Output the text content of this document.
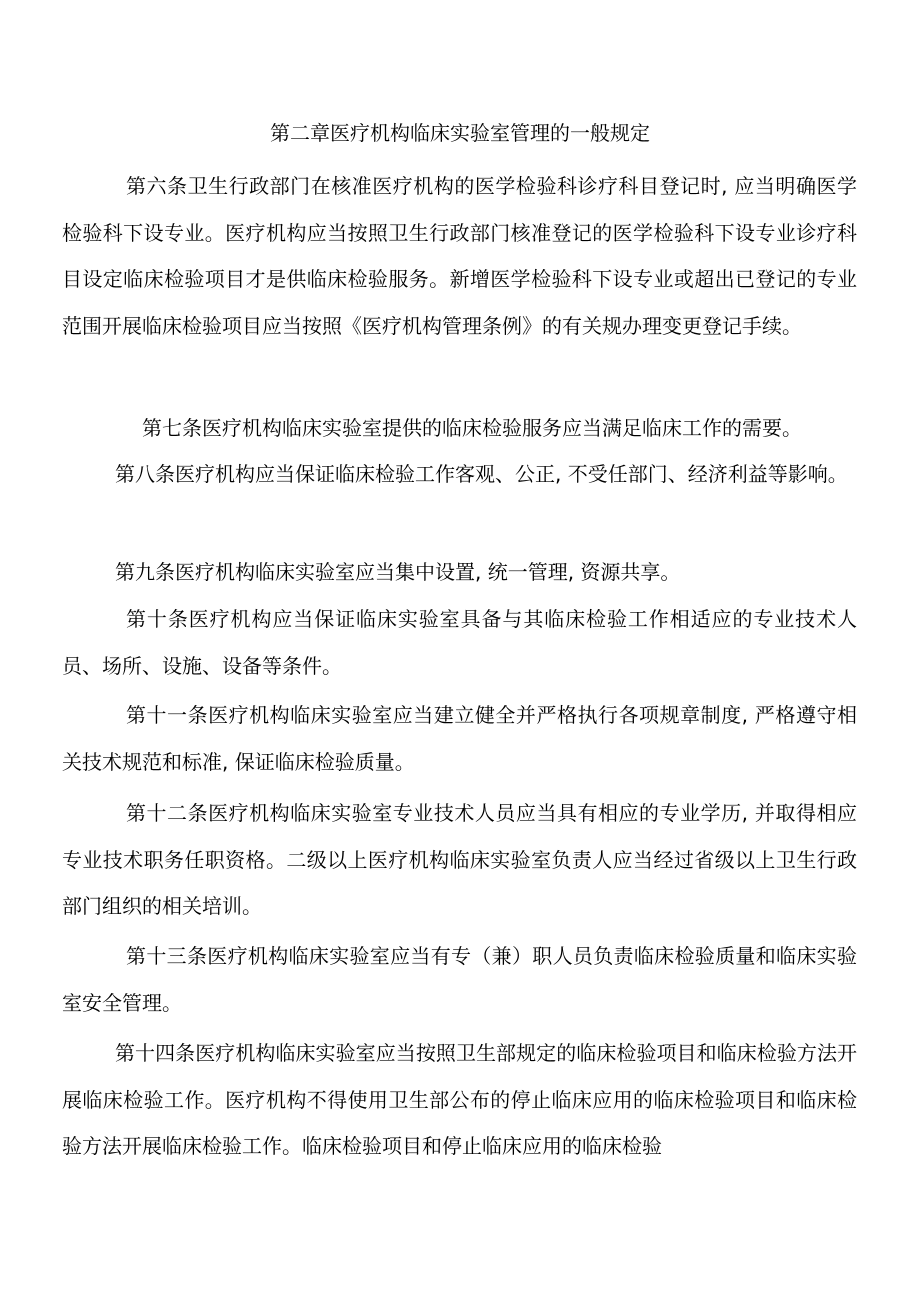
第二章医疗机构临床实验室管理的一般规定

第六条卫生行政部门在核准医疗机构的医学检验科诊疗科目登记时, 应当明确医学检验科下设专业。医疗机构应当按照卫生行政部门核准登记的医学检验科下设专业诊疗科目设定临床检验项目才是供临床检验服务。新增医学检验科下设专业或超出已登记的专业范围开展临床检验项目应当按照《医疗机构管理条例》的有关规办理变更登记手续。

第七条医疗机构临床实验室提供的临床检验服务应当满足临床工作的需要。

第八条医疗机构应当保证临床检验工作客观、公正, 不受任部门、经济利益等影响。

第九条医疗机构临床实验室应当集中设置, 统一管理, 资源共享。

第十条医疗机构应当保证临床实验室具备与其临床检验工作相适应的专业技术人员、场所、设施、设备等条件。

第十一条医疗机构临床实验室应当建立健全并严格执行各项规章制度, 严格遵守相关技术规范和标准, 保证临床检验质量。

第十二条医疗机构临床实验室专业技术人员应当具有相应的专业学历, 并取得相应专业技术职务任职资格。二级以上医疗机构临床实验室负责人应当经过省级以上卫生行政部门组织的相关培训。

第十三条医疗机构临床实验室应当有专（兼）职人员负责临床检验质量和临床实验室安全管理。

第十四条医疗机构临床实验室应当按照卫生部规定的临床检验项目和临床检验方法开展临床检验工作。医疗机构不得使用卫生部公布的停止临床应用的临床检验项目和临床检验方法开展临床检验工作。临床检验项目和停止临床应用的临床检验
